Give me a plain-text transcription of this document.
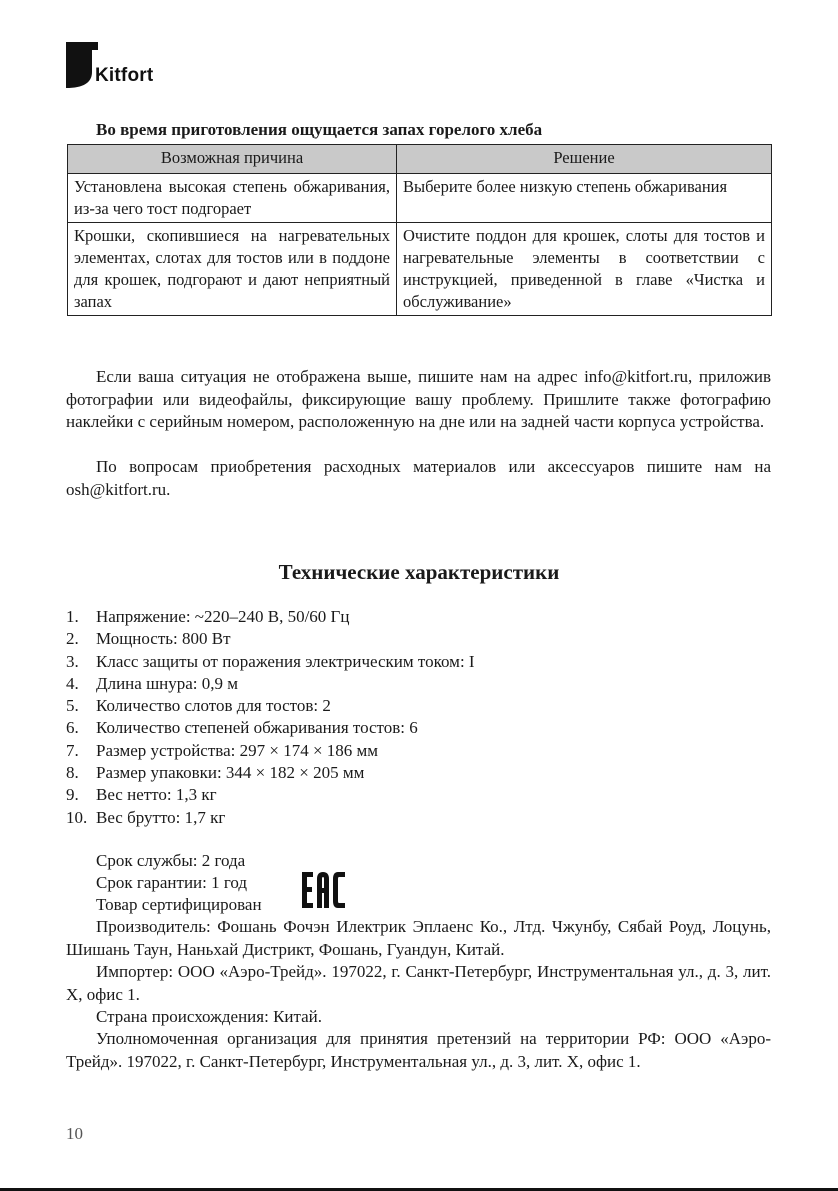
Kitfort
Во время приготовления ощущается запах горелого хлеба
Возможная причина	Решение
Установлена высокая степень обжаривания, из-за чего тост подгорает	Выберите более низкую степень обжаривания
Крошки, скопившиеся на нагревательных элементах, слотах для тостов или в поддоне для крошек, подгорают и дают неприятный запах	Очистите поддон для крошек, слоты для тостов и нагревательные элементы в соответствии с инструкцией, приведенной в главе «Чистка и обслуживание»

Если ваша ситуация не отображена выше, пишите нам на адрес info@kitfort.ru, приложив фотографии или видеофайлы, фиксирующие вашу проблему. Пришлите также фотографию наклейки с серийным номером, расположенную на дне или на задней части корпуса устройства.

По вопросам приобретения расходных материалов или аксессуаров пишите нам на osh@kitfort.ru.

Технические характеристики
1. Напряжение: ~220–240 В, 50/60 Гц
2. Мощность: 800 Вт
3. Класс защиты от поражения электрическим током: I
4. Длина шнура: 0,9 м
5. Количество слотов для тостов: 2
6. Количество степеней обжаривания тостов: 6
7. Размер устройства: 297 × 174 × 186 мм
8. Размер упаковки: 344 × 182 × 205 мм
9. Вес нетто: 1,3 кг
10. Вес брутто: 1,7 кг

Срок службы: 2 года

Срок гарантии: 1 год

Товар сертифицирован

Производитель: Фошань Фочэн Илектрик Эплаенс Ко., Лтд. Чжунбу, Сябай Роуд, Лоцунь, Шишань Таун, Наньхай Дистрикт, Фошань, Гуандун, Китай.

Импортер: ООО «Аэро-Трейд». 197022, г. Санкт-Петербург, Инструментальная ул., д. 3, лит. Х, офис 1.

Страна происхождения: Китай.

Уполномоченная организация для принятия претензий на территории РФ: ООО «Аэро-Трейд». 197022, г. Санкт-Петербург, Инструментальная ул., д. 3, лит. Х, офис 1.

10
